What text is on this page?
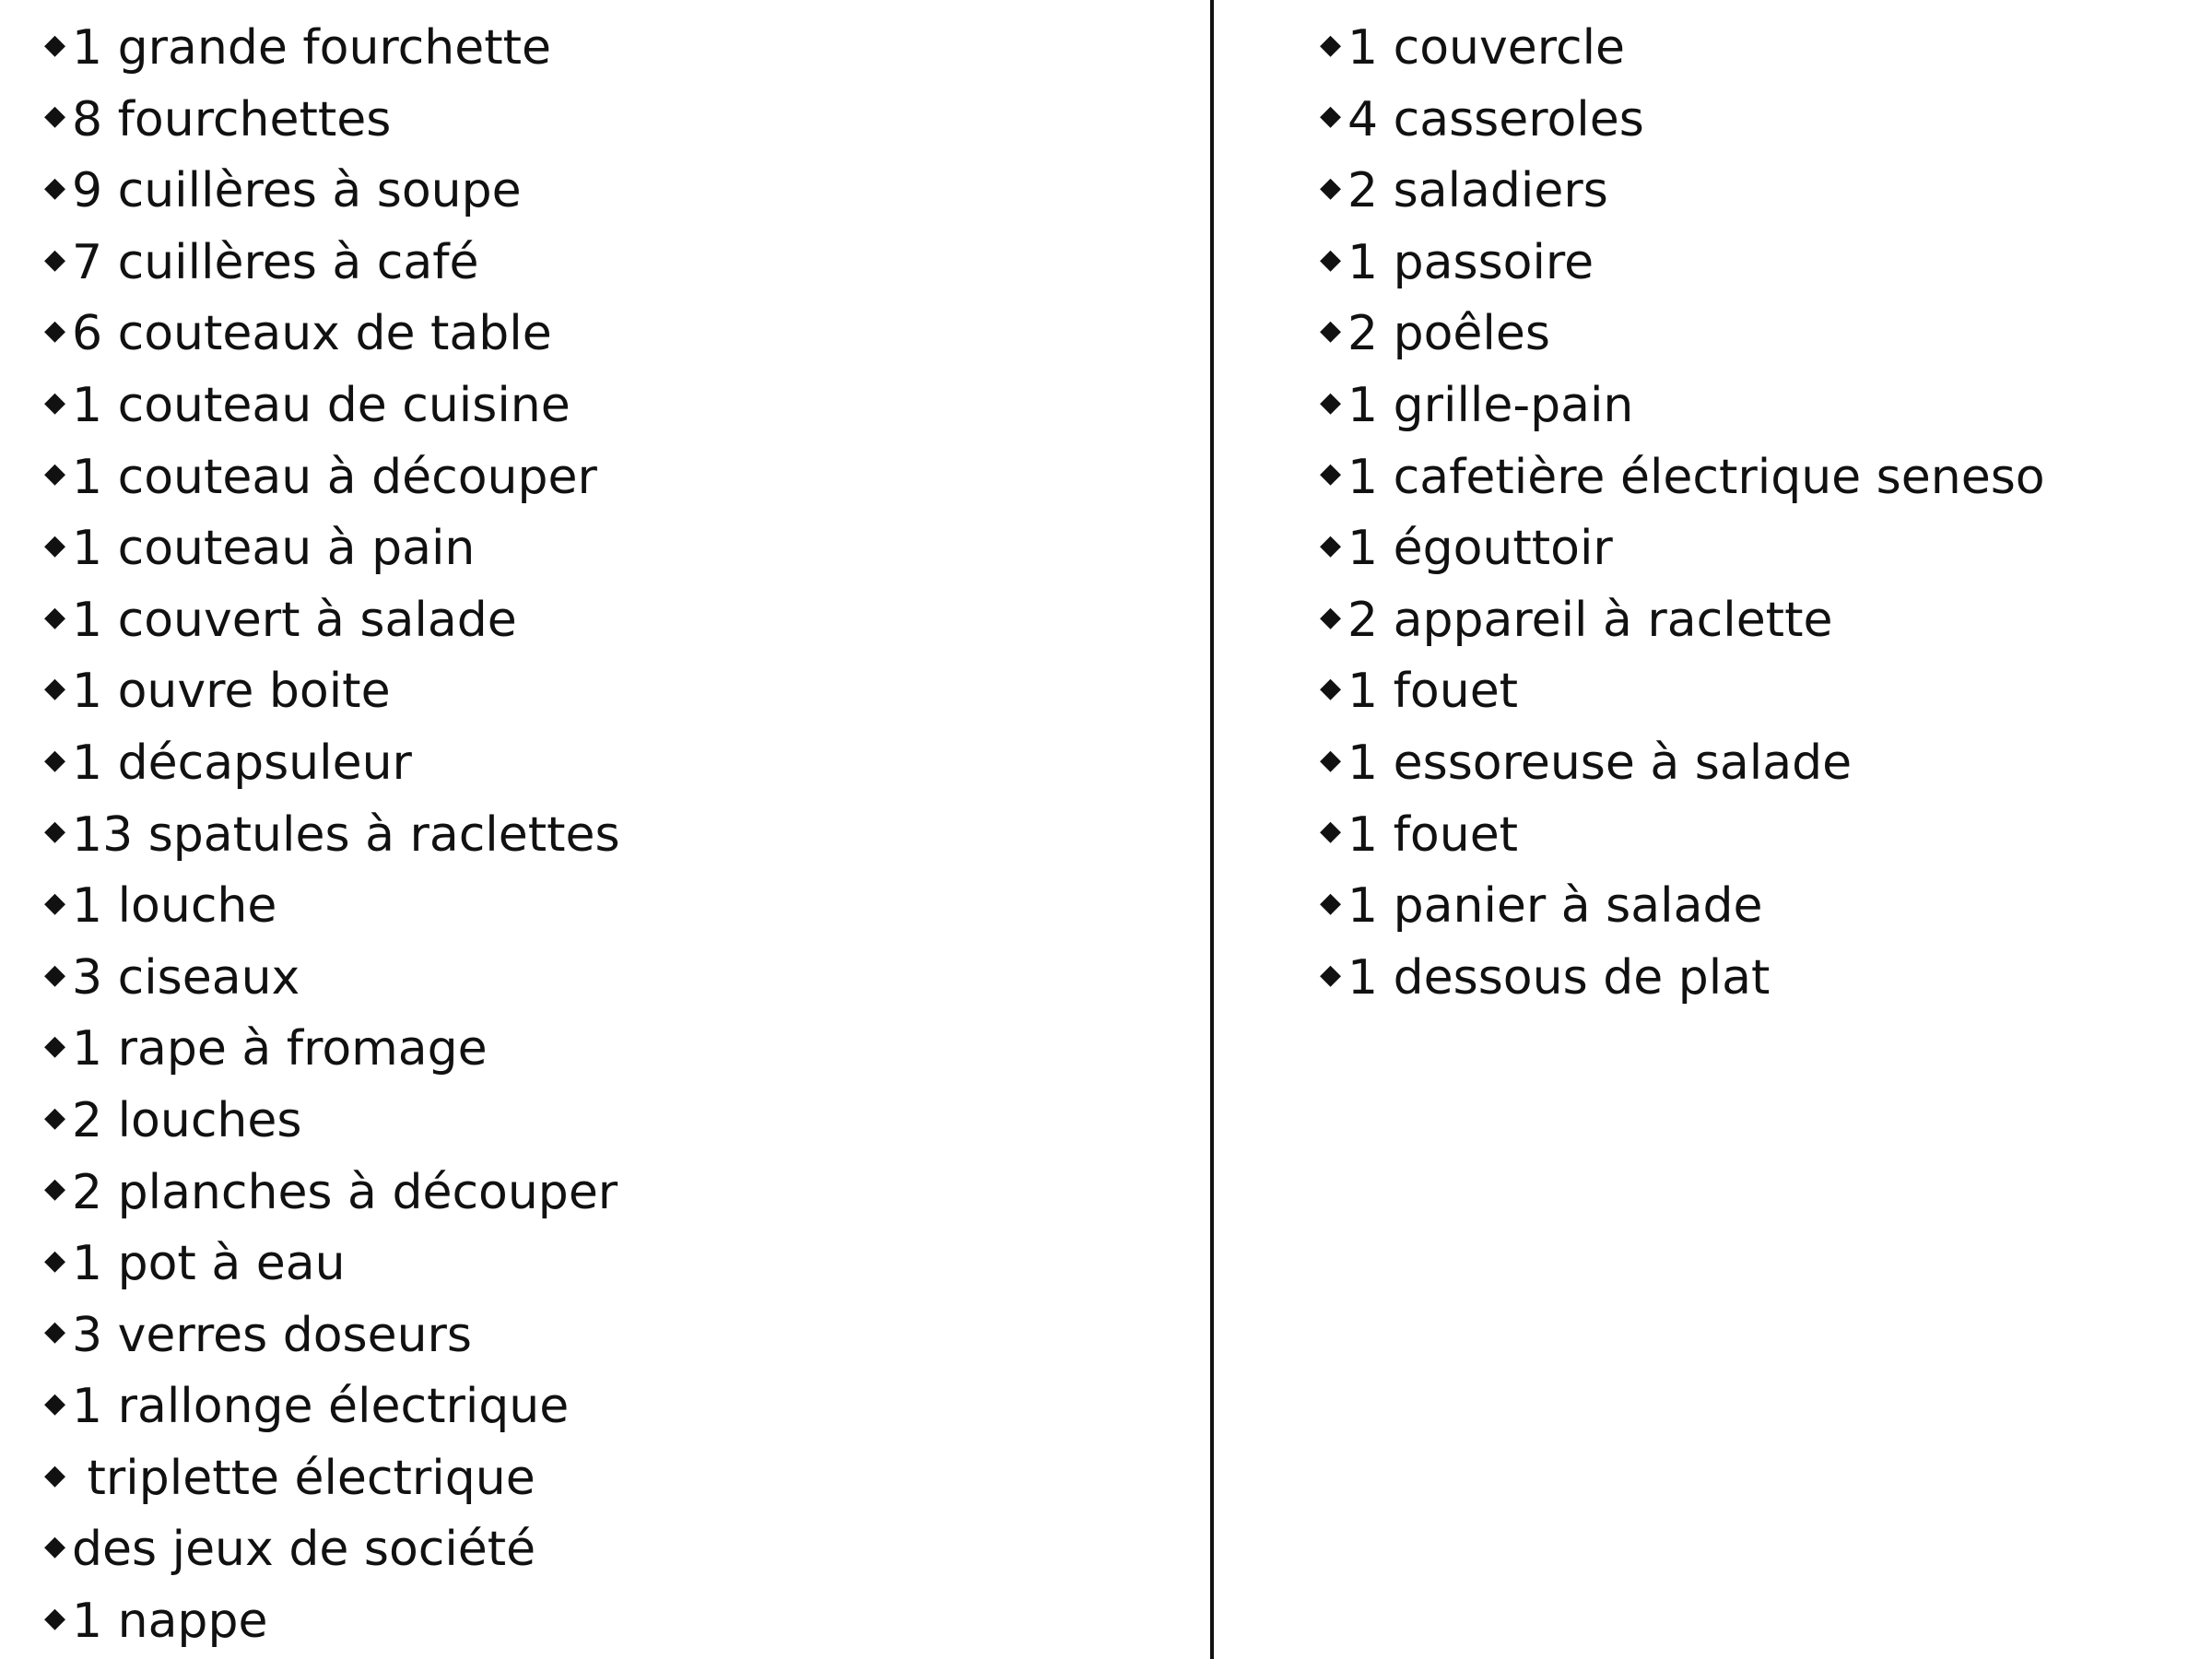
◆ 1 grande fourchette
◆ 8 fourchettes
◆ 9 cuillères à soupe
◆ 7 cuillères à café
◆ 6 couteaux de table
◆ 1 couteau de cuisine
◆ 1 couteau à découper
◆ 1 couteau à pain
◆ 1 couvert à salade
◆ 1 ouvre boite
◆ 1 décapsuleur
◆ 13 spatules à raclettes
◆ 1 louche
◆ 3 ciseaux
◆ 1 rape à fromage
◆ 2 louches
◆ 2 planches à découper
◆ 1 pot à eau
◆ 3 verres doseurs
◆ 1 rallonge électrique
◆ triplette électrique
◆ des jeux de société
◆ 1 nappe
◆ 1 couvercle
◆ 4 casseroles
◆ 2 saladiers
◆ 1 passoire
◆ 2 poêles
◆ 1 grille-pain
◆ 1 cafetière électrique seneso
◆ 1 égouttoir
◆ 2 appareil à raclette
◆ 1 fouet
◆ 1 essoreuse à salade
◆ 1 fouet
◆ 1 panier à salade
◆ 1 dessous de plat
